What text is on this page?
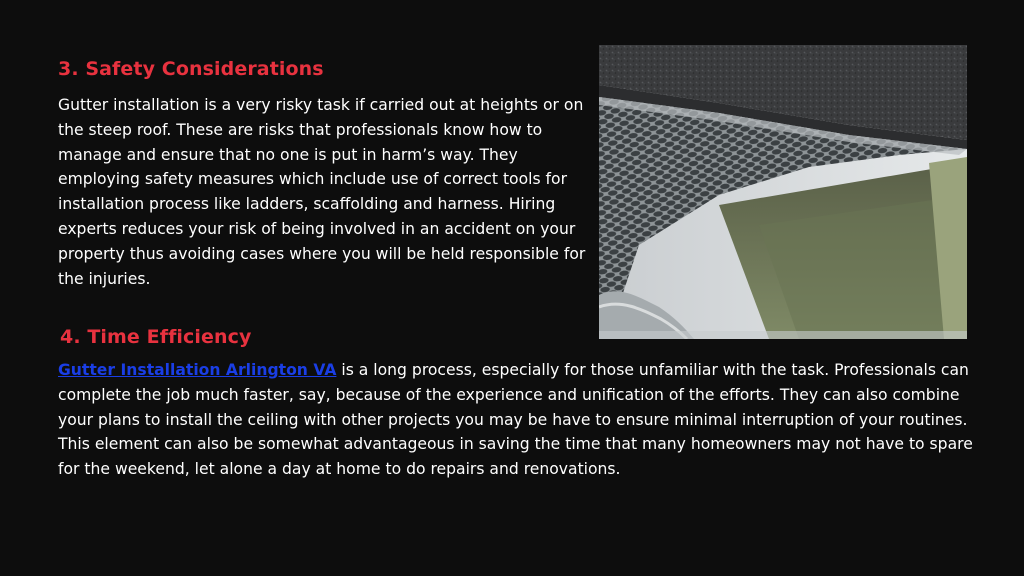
3. Safety Considerations

Gutter installation is a very risky task if carried out at heights or on the steep roof. These are risks that professionals know how to manage and ensure that no one is put in harm’s way. They employing safety measures which include use of correct tools for installation process like ladders, scaffolding and harness. Hiring experts reduces your risk of being involved in an accident on your property thus avoiding cases where you will be held responsible for the injuries.

4. Time Efficiency

Gutter Installation Arlington VA is a long process, especially for those unfamiliar with the task. Professionals can complete the job much faster, say, because of the experience and unification of the efforts. They can also combine your plans to install the ceiling with other projects you may be have to ensure minimal interruption of your routines. This element can also be somewhat advantageous in saving the time that many homeowners may not have to spare for the weekend, let alone a day at home to do repairs and renovations.
